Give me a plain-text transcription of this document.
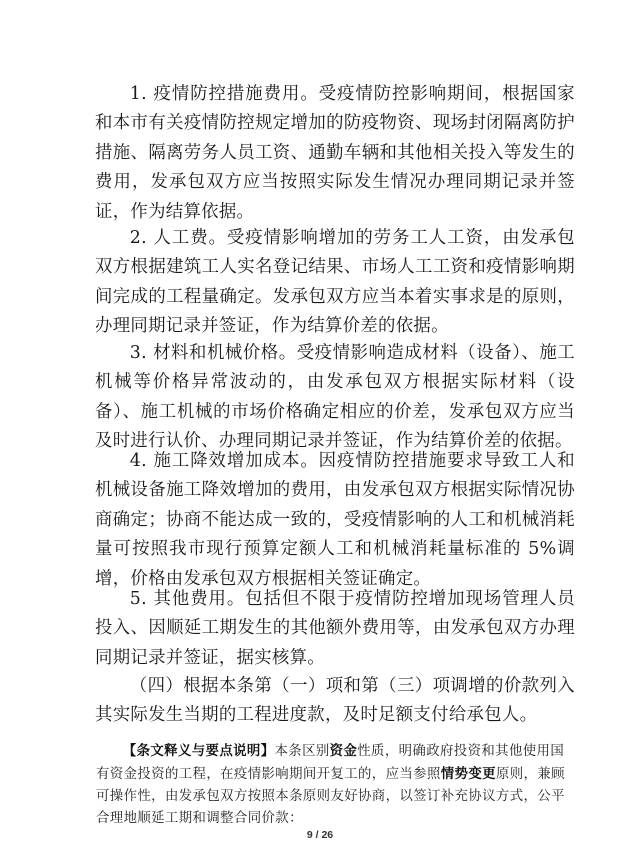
1. 疫情防控措施费用。受疫情防控影响期间，根据国家和本市有关疫情防控规定增加的防疫物资、现场封闭隔离防护措施、隔离劳务人员工资、通勤车辆和其他相关投入等发生的费用，发承包双方应当按照实际发生情况办理同期记录并签证，作为结算依据。

2. 人工费。受疫情影响增加的劳务工人工资，由发承包双方根据建筑工人实名登记结果、市场人工工资和疫情影响期间完成的工程量确定。发承包双方应当本着实事求是的原则，办理同期记录并签证，作为结算价差的依据。

3. 材料和机械价格。受疫情影响造成材料（设备）、施工机械等价格异常波动的，由发承包双方根据实际材料（设备）、施工机械的市场价格确定相应的价差，发承包双方应当及时进行认价、办理同期记录并签证，作为结算价差的依据。

4. 施工降效增加成本。因疫情防控措施要求导致工人和机械设备施工降效增加的费用，由发承包双方根据实际情况协商确定；协商不能达成一致的，受疫情影响的人工和机械消耗量可按照我市现行预算定额人工和机械消耗量标准的 5%调增，价格由发承包双方根据相关签证确定。

5. 其他费用。包括但不限于疫情防控增加现场管理人员投入、因顺延工期发生的其他额外费用等，由发承包双方办理同期记录并签证，据实核算。

（四）根据本条第（一）项和第（三）项调增的价款列入其实际发生当期的工程进度款，及时足额支付给承包人。

【条文释义与要点说明】本条区别资金性质，明确政府投资和其他使用国有资金投资的工程，在疫情影响期间开复工的，应当参照情势变更原则，兼顾可操作性，由发承包双方按照本条原则友好协商，以签订补充协议方式，公平合理地顺延工期和调整合同价款：

9 / 26
